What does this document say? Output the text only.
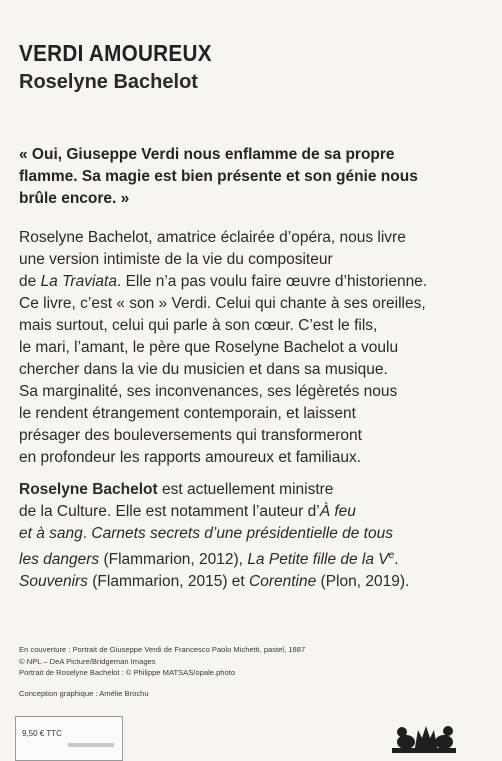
VERDI AMOUREUX
Roselyne Bachelot

« Oui, Giuseppe Verdi nous enflamme de sa propre
flamme. Sa magie est bien présente et son génie nous
brûle encore. »

Roselyne Bachelot, amatrice éclairée d’opéra, nous livre
une version intimiste de la vie du compositeur
de La Traviata. Elle n’a pas voulu faire œuvre d’historienne.
Ce livre, c’est « son » Verdi. Celui qui chante à ses oreilles,
mais surtout, celui qui parle à son cœur. C’est le fils,
le mari, l’amant, le père que Roselyne Bachelot a voulu
chercher dans la vie du musicien et dans sa musique.
Sa marginalité, ses inconvenances, ses légèretés nous
le rendent étrangement contemporain, et laissent
présager des bouleversements qui transformeront
en profondeur les rapports amoureux et familiaux.

Roselyne Bachelot est actuellement ministre
de la Culture. Elle est notamment l’auteur d’À feu
et à sang. Carnets secrets d’une présidentielle de tous
les dangers (Flammarion, 2012), La Petite fille de la Ve.
Souvenirs (Flammarion, 2015) et Corentine (Plon, 2019).

En couverture : Portrait de Giuseppe Verdi de Francesco Paolo Michetti, pastel, 1887
© NPL – DeA Picture/Bridgeman Images
Portrait de Roselyne Bachelot : © Philippe MATSAS/opale.photo
Conception graphique : Amélie Brochu
9,50 € TTC
